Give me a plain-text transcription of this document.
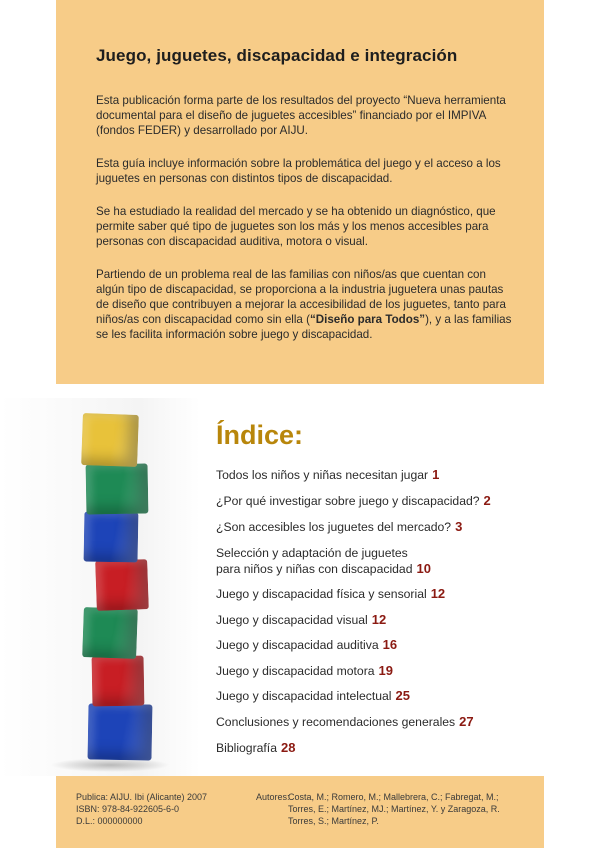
Juego, juguetes, discapacidad e integración

Esta publicación forma parte de los resultados del proyecto “Nueva herramienta documental para el diseño de juguetes accesibles” financiado por el IMPIVA (fondos FEDER) y desarrollado por AIJU.

Esta guía incluye información sobre la problemática del juego y el acceso a los juguetes en personas con distintos tipos de discapacidad.

Se ha estudiado la realidad del mercado y se ha obtenido un diagnóstico, que permite saber qué tipo de juguetes son los más y los menos accesibles para personas con discapacidad auditiva, motora o visual.

Partiendo de un problema real de las familias con niños/as que cuentan con algún tipo de discapacidad, se proporciona a la industria juguetera unas pautas de diseño que contribuyen a mejorar la accesibilidad de los juguetes, tanto para niños/as con discapacidad como sin ella (“Diseño para Todos”), y a las familias se les facilita información sobre juego y discapacidad.

Índice:
Todos los niños y niñas necesitan jugar 1
¿Por qué investigar sobre juego y discapacidad? 2
¿Son accesibles los juguetes del mercado? 3
Selección y adaptación de juguetes
para niños y niñas con discapacidad 10
Juego y discapacidad física y sensorial 12
Juego y discapacidad visual 12
Juego y discapacidad auditiva 16
Juego y discapacidad motora 19
Juego y discapacidad intelectual 25
Conclusiones y recomendaciones generales 27
Bibliografía 28
Publica: AIJU. Ibi (Alicante) 2007
ISBN: 978-84-922605-6-0
D.L.: 000000000
Autores:
Costa, M.; Romero, M.; Mallebrera, C.; Fabregat, M.;
Torres, E.; Martínez, MJ.; Martínez, Y. y Zaragoza, R.
Torres, S.; Martínez, P.
